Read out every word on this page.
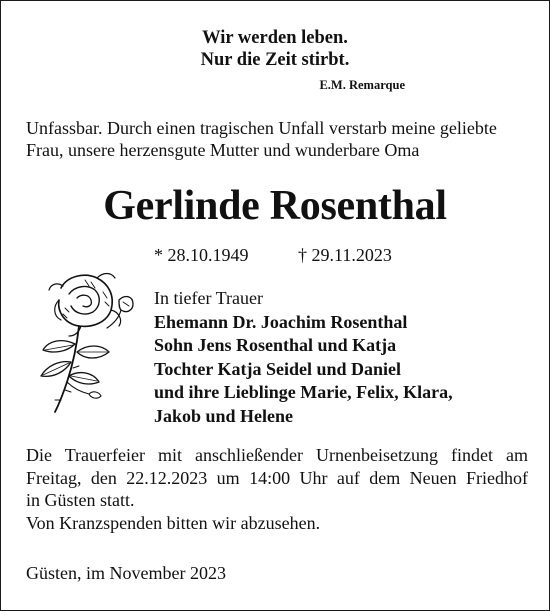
Wir werden leben.
Nur die Zeit stirbt.
E.M. Remarque
Unfassbar. Durch einen tragischen Unfall verstarb meine geliebte
Frau, unsere herzensgute Mutter und wunderbare Oma
Gerlinde Rosenthal
* 28.10.1949	† 29.11.2023
In tiefer Trauer
Ehemann Dr. Joachim Rosenthal
Sohn Jens Rosenthal und Katja
Tochter Katja Seidel und Daniel
und ihre Lieblinge Marie, Felix, Klara,
Jakob und Helene
Die Trauerfeier mit anschließender Urnenbeisetzung findet am
Freitag, den 22.12.2023 um 14:00 Uhr auf dem Neuen Friedhof
in Güsten statt.
Von Kranzspenden bitten wir abzusehen.
Güsten, im November 2023
